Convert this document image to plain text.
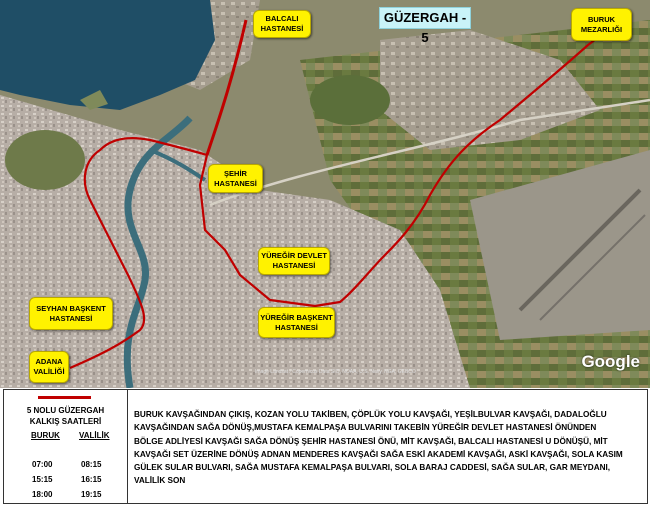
GÜZERGAH - 5
BALCALI
HASTANESİ
BURUK
MEZARLIĞI
ŞEHİR
HASTANESİ
YÜREĞİR DEVLET
HASTANESİ
SEYHAN BAŞKENT
HASTANESİ	YÜREĞİR BAŞKENT
HASTANESİ
ADANA
VALİLİĞİ
Google
Image Landsat / Copernicus Data SIO, NOAA, U.S. Navy, NGA, GEBCO
5 NOLU GÜZERGAH
KALKIŞ SAATLERİ
BURUK VALİLİK
07:00	08:15
15:15	16:15
18:00	19:15
BURUK KAVŞAĞINDAN ÇIKIŞ, KOZAN YOLU TAKİBEN, ÇÖPLÜK YOLU KAVŞAĞI, YEŞİLBULVAR KAVŞAĞI, DADALOĞLU
KAVŞAĞINDAN SAĞA DÖNÜŞ,MUSTAFA KEMALPAŞA BULVARINI TAKEBİN YÜREĞİR DEVLET HASTANESİ ÖNÜNDEN
BÖLGE ADLİYESİ KAVŞAĞI SAĞA DÖNÜŞ ŞEHİR HASTANESİ ÖNÜ, MİT KAVŞAĞI, BALCALI HASTANESİ U DÖNÜŞÜ, MİT
KAVŞAĞI SET ÜZERİNE DÖNÜŞ ADNAN MENDERES KAVŞAĞI SAĞA ESKİ AKADEMİ KAVŞAĞI, ASKİ KAVŞAĞI, SOLA KASIM
GÜLEK SULAR BULVARI, SAĞA MUSTAFA KEMALPAŞA BULVARI, SOLA BARAJ CADDESİ, SAĞA SULAR, GAR MEYDANI,
VALİLİK SON
